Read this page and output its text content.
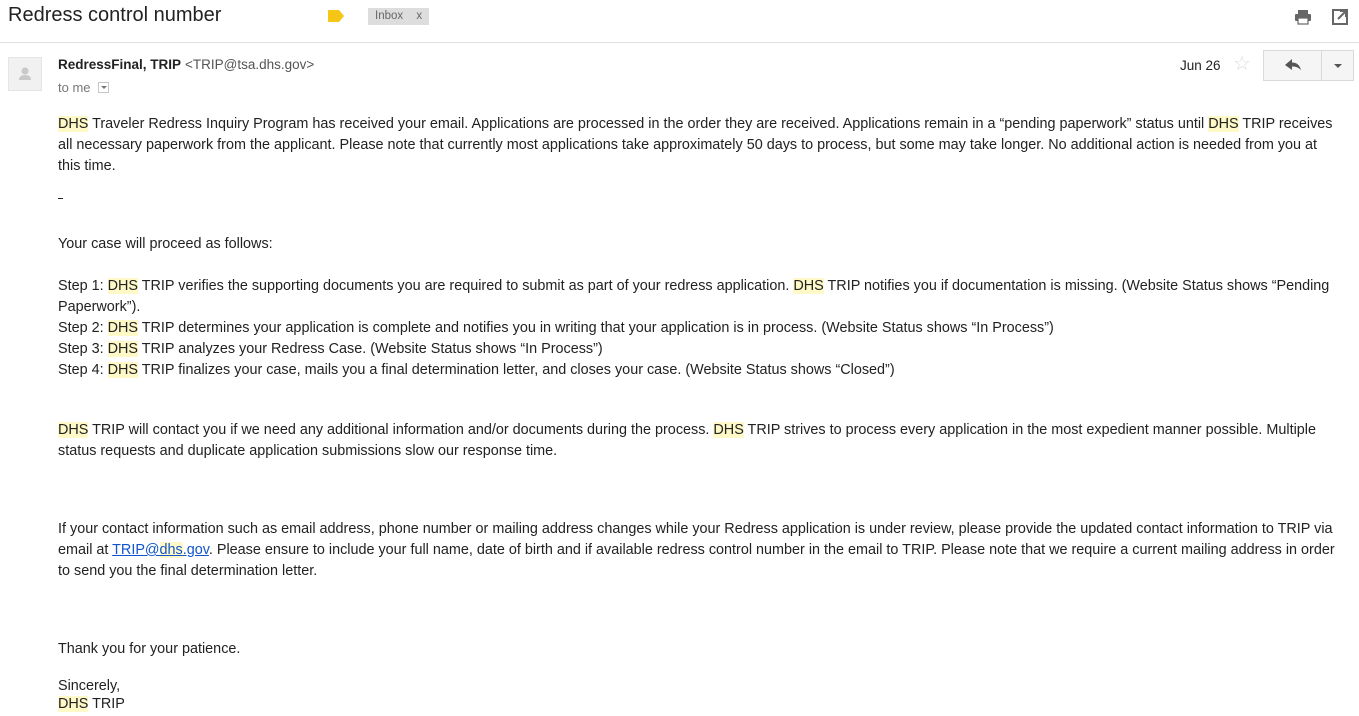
Redress control number	Inbox x
RedressFinal, TRIP <TRIP@tsa.dhs.gov>
to me
Jun 26 ☆
DHS Traveler Redress Inquiry Program has received your email. Applications are processed in the order they are received. Applications remain in a “pending paperwork” status until DHS TRIP receives all necessary paperwork from the applicant. Please note that currently most applications take approximately 50 days to process, but some may take longer. No additional action is needed from you at this time.
Your case will proceed as follows:
Step 1: DHS TRIP verifies the supporting documents you are required to submit as part of your redress application. DHS TRIP notifies you if documentation is missing. (Website Status shows “Pending Paperwork”).
Step 2: DHS TRIP determines your application is complete and notifies you in writing that your application is in process. (Website Status shows “In Process”)
Step 3: DHS TRIP analyzes your Redress Case. (Website Status shows “In Process”)
Step 4: DHS TRIP finalizes your case, mails you a final determination letter, and closes your case. (Website Status shows “Closed”)
DHS TRIP will contact you if we need any additional information and/or documents during the process. DHS TRIP strives to process every application in the most expedient manner possible. Multiple status requests and duplicate application submissions slow our response time.
If your contact information such as email address, phone number or mailing address changes while your Redress application is under review, please provide the updated contact information to TRIP via email at TRIP@dhs.gov. Please ensure to include your full name, date of birth and if available redress control number in the email to TRIP. Please note that we require a current mailing address in order to send you the final determination letter.
Thank you for your patience.
Sincerely,
DHS TRIP
